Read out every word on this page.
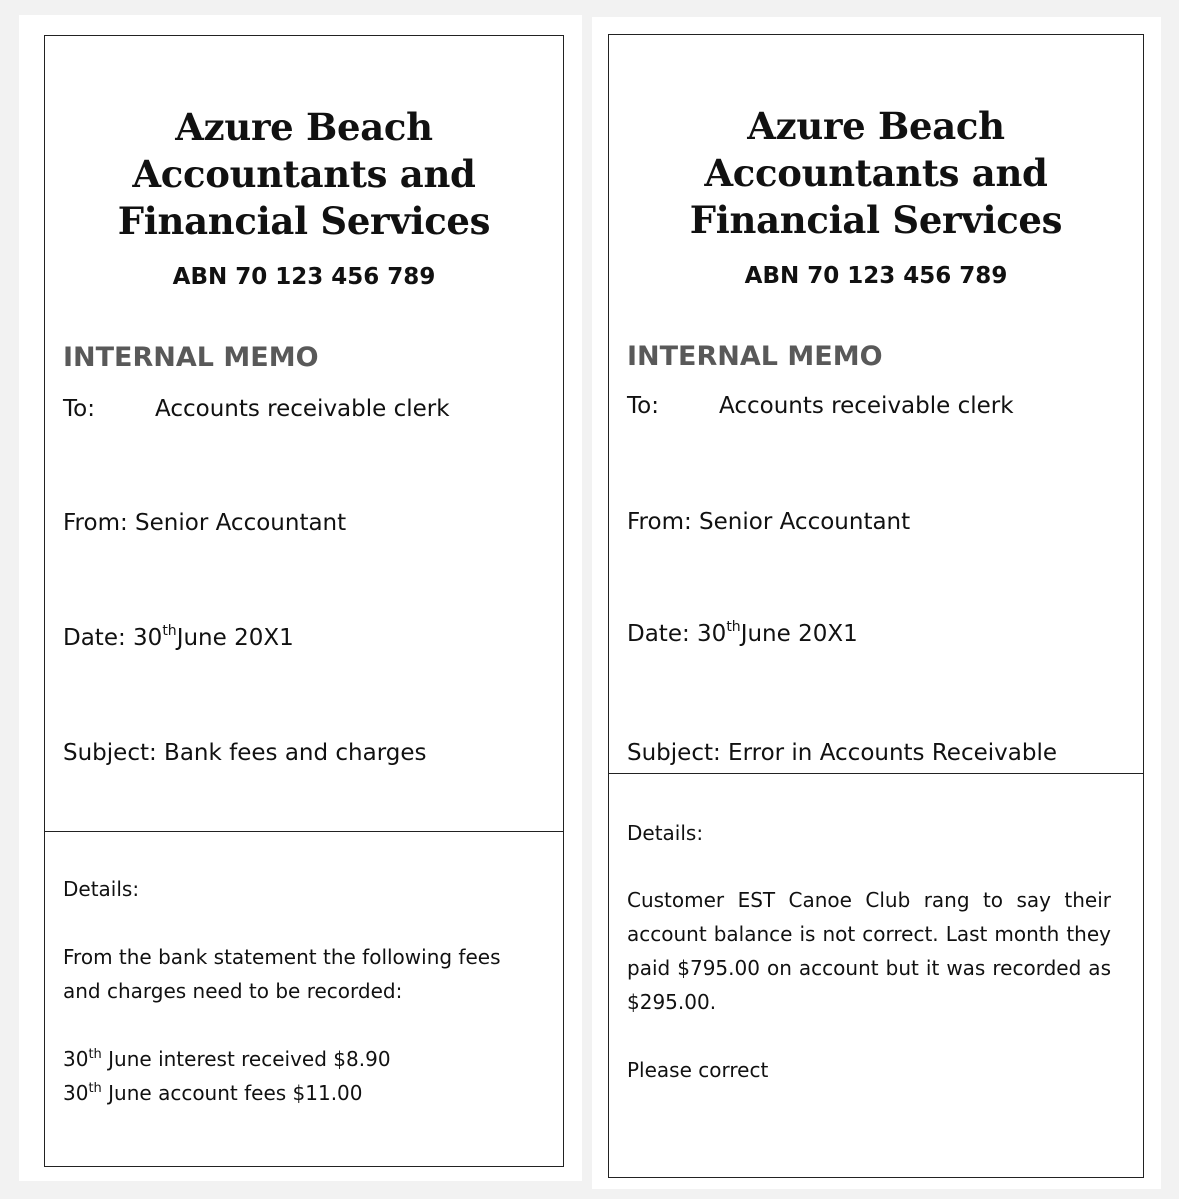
Azure Beach
Accountants and
Financial Services
ABN 70 123 456 789
INTERNAL MEMO
To:	Accounts receivable clerk
From: Senior Accountant
Date: 30thJune 20X1
Subject: Bank fees and charges
Details:
From the bank statement the following fees and charges need to be recorded:
30th June interest received $8.90
30th June account fees $11.00
Azure Beach
Accountants and
Financial Services
ABN 70 123 456 789
INTERNAL MEMO
To:	Accounts receivable clerk
From: Senior Accountant
Date: 30thJune 20X1
Subject: Error in Accounts Receivable
Details:
Customer EST Canoe Club rang to say their account balance is not correct. Last month they paid $795.00 on account but it was recorded as $295.00.
Please correct
